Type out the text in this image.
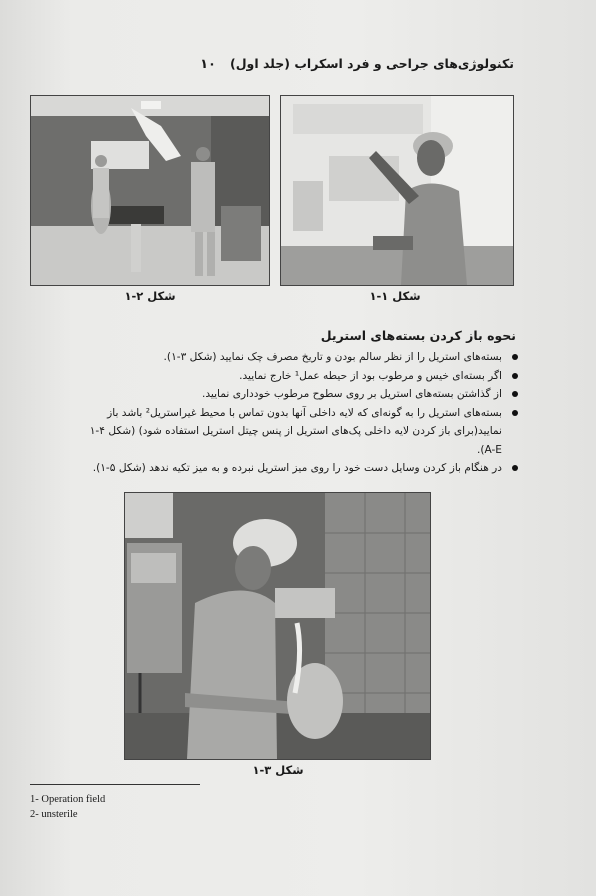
تکنولوژی‌های جراحی و فرد اسکراب (جلد اول)
۱۰
شکل ۲-۱	شکل ۱-۱
نحوه باز کردن بسته‌های استریل
بسته‌های استریل را از نظر سالم بودن و تاریخ مصرف چک نمایید (شکل ۳-۱).
اگر بسته‌ای خیس و مرطوب بود از حیطه عمل¹ خارج نمایید.
از گذاشتن بسته‌های استریل بر روی سطوح مرطوب خودداری نمایید.
بسته‌های استریل را به گونه‌ای که لایه داخلی آنها بدون تماس با محیط غیراستریل² باشد باز نمایید(برای باز کردن لایه داخلی پک‌های استریل از پنس چیتل استریل استفاده شود) (شکل ۴-۱ A-E).
در هنگام باز کردن وسایل دست خود را روی میز استریل نبرده و به میز تکیه ندهد (شکل ۵-۱).
شکل ۳-۱
1- Operation field
2- unsterile
